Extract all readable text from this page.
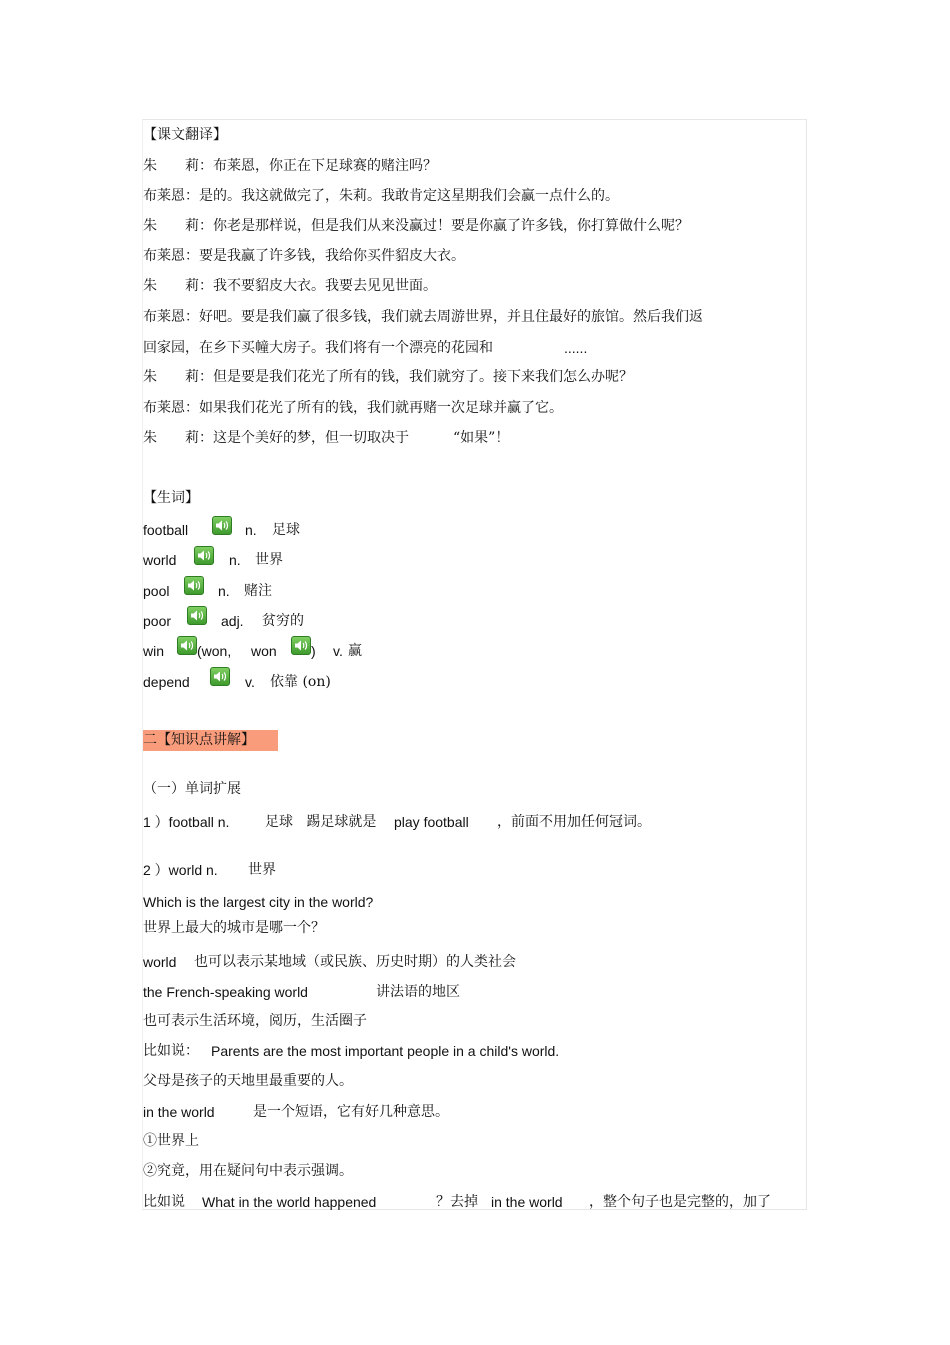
【课文翻译】
朱　　莉：布莱恩，你正在下足球赛的赌注吗？
布莱恩：是的。我这就做完了，朱莉。我敢肯定这星期我们会赢一点什么的。
朱　　莉：你老是那样说，但是我们从来没赢过！要是你赢了许多钱，你打算做什么呢？
布莱恩：要是我赢了许多钱，我给你买件貂皮大衣。
朱　　莉：我不要貂皮大衣。我要去见见世面。
布莱恩：好吧。要是我们赢了很多钱，我们就去周游世界，并且住最好的旅馆。然后我们返
回家园，在乡下买幢大房子。我们将有一个漂亮的花园和	......
朱　　莉：但是要是我们花光了所有的钱，我们就穷了。接下来我们怎么办呢？
布莱恩：如果我们花光了所有的钱，我们就再赌一次足球并赢了它。
朱　　莉：这是个美好的梦，但一切取决于	“如果”！
【生词】
football	n. 足球
world	n. 世界
pool	n. 赌注
poor	adj. 贫穷的
win (won, won ) v. 赢
depend	v. 依靠 (on)
二【知识点讲解】
（一）单词扩展
1 ）football n.	足球   踢足球就是 play football ，前面不用加任何冠词。
2 ）world n. 世界
Which is the largest city in the world?
世界上最大的城市是哪一个？
world 也可以表示某地域（或民族、历史时期）的人类社会
the French-speaking world	讲法语的地区
也可表示生活环境，阅历，生活圈子
比如说： Parents are the most important people in a child's world.
父母是孩子的天地里最重要的人。
in the world	是一个短语，它有好几种意思。
①世界上
②究竟，用在疑问句中表示强调。
比如说 What in the world happened	？去掉 in the world ，整个句子也是完整的，加了
